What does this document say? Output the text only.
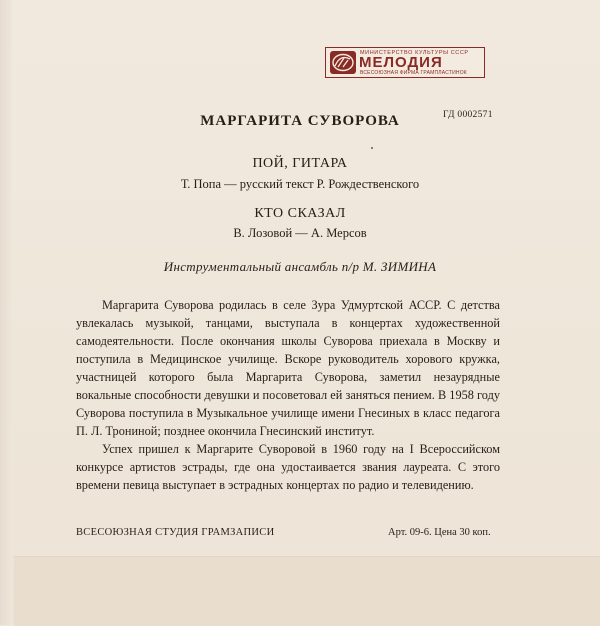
МИНИСТЕРСТВО КУЛЬТУРЫ СССР
МЕЛОДИЯ
ВСЕСОЮЗНАЯ ФИРМА ГРАМПЛАСТИНОК
ГД 0002571
МАРГАРИТА СУВОРОВА
ПОЙ, ГИТАРА
Т. Попа — русский текст Р. Рождественского
КТО СКАЗАЛ
В. Лозовой — А. Мерсов
Инструментальный ансамбль п/р М. ЗИМИНА

Маргарита Суворова родилась в селе Зура Удмуртской АССР. С детства увлекалась музыкой, танцами, выступала в концертах художественной самодеятельности. После окончания школы Суворова приехала в Москву и поступила в Медицинское училище. Вскоре руководитель хорового кружка, участницей которого была Маргарита Суворова, заметил незаурядные вокальные способности девушки и посоветовал ей заняться пением. В 1958 году Суворова поступила в Музыкальное училище имени Гнесиных в класс педагога П. Л. Трониной; позднее окончила Гнесинский институт.

Успех пришел к Маргарите Суворовой в 1960 году на I Всероссийском конкурсе артистов эстрады, где она удостаивается звания лауреата. С этого времени певица выступает в эстрадных концертах по радио и телевидению.

ВСЕСОЮЗНАЯ СТУДИЯ ГРАМЗАПИСИ	Арт. 09-6. Цена 30 коп.
